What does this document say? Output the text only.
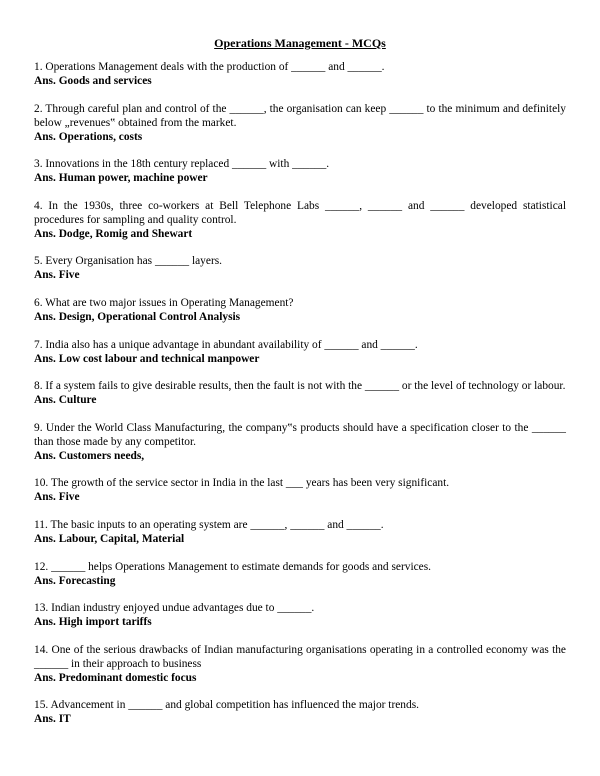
Operations Management - MCQs
1. Operations Management deals with the production of ______ and ______.
Ans. Goods and services
2. Through careful plan and control of the ______, the organisation can keep ______ to the minimum and definitely below „revenues‟ obtained from the market.
Ans. Operations, costs
3. Innovations in the 18th century replaced ______ with ______.
Ans. Human power, machine power
4. In the 1930s, three co-workers at Bell Telephone Labs ______, ______ and ______ developed statistical procedures for sampling and quality control.
Ans. Dodge, Romig and Shewart
5. Every Organisation has ______ layers.
Ans. Five
6. What are two major issues in Operating Management?
Ans. Design, Operational Control Analysis
7. India also has a unique advantage in abundant availability of ______ and ______.
Ans. Low cost labour and technical manpower
8. If a system fails to give desirable results, then the fault is not with the ______ or the level of technology or labour.
Ans. Culture
9. Under the World Class Manufacturing, the company‟s products should have a specification closer to the ______ than those made by any competitor.
Ans. Customers needs,
10. The growth of the service sector in India in the last ___ years has been very significant.
Ans. Five
11. The basic inputs to an operating system are ______, ______ and ______.
Ans. Labour, Capital, Material
12. ______ helps Operations Management to estimate demands for goods and services.
Ans. Forecasting
13. Indian industry enjoyed undue advantages due to ______.
Ans. High import tariffs
14. One of the serious drawbacks of Indian manufacturing organisations operating in a controlled economy was the ______ in their approach to business
Ans. Predominant domestic focus
15. Advancement in ______ and global competition has influenced the major trends.
Ans. IT
